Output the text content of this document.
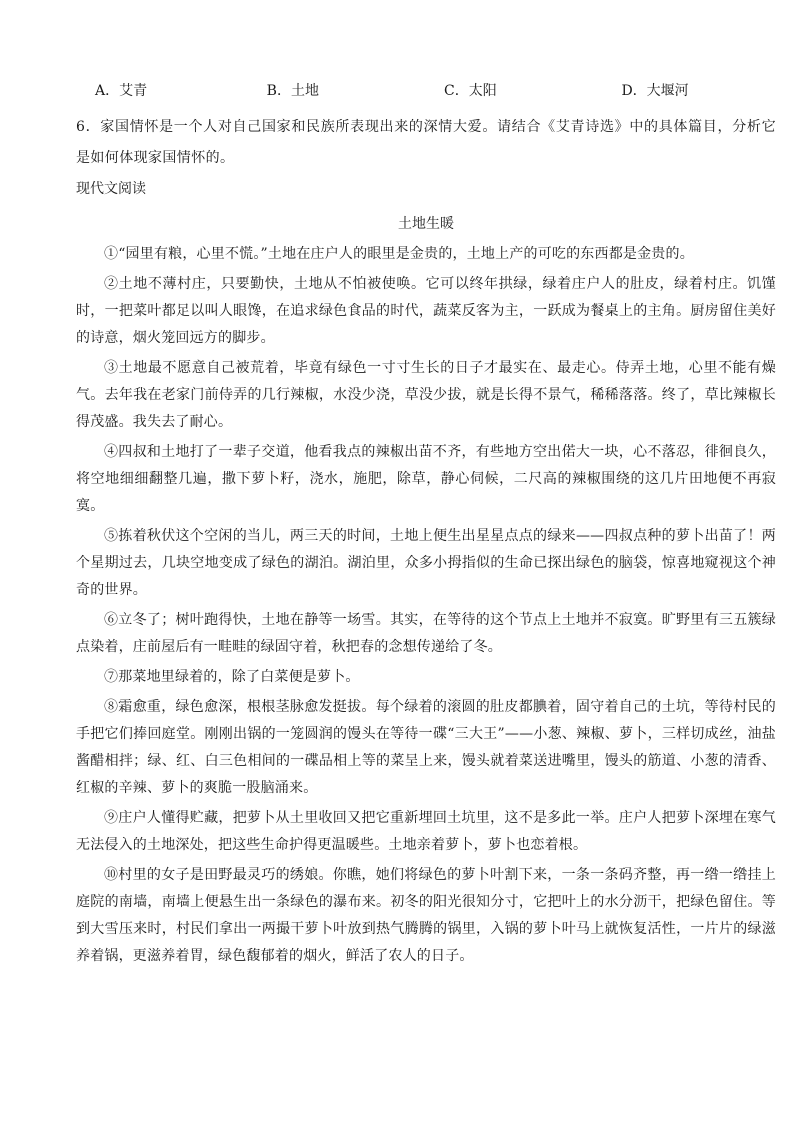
A．艾青	B．土地	C．太阳	D．大堰河
6．家国情怀是一个人对自己国家和民族所表现出来的深情大爱。请结合《艾青诗选》中的具体篇目，分析它是如何体现家国情怀的。
现代文阅读
土地生暖

①“园里有粮，心里不慌。”土地在庄户人的眼里是金贵的，土地上产的可吃的东西都是金贵的。

②土地不薄村庄，只要勤快，土地从不怕被使唤。它可以终年拱绿，绿着庄户人的肚皮，绿着村庄。饥馑时，一把菜叶都足以叫人眼馋，在追求绿色食品的时代，蔬菜反客为主，一跃成为餐桌上的主角。厨房留住美好的诗意，烟火笼回远方的脚步。

③土地最不愿意自己被荒着，毕竟有绿色一寸寸生长的日子才最实在、最走心。侍弄土地，心里不能有燥气。去年我在老家门前侍弄的几行辣椒，水没少浇，草没少拔，就是长得不景气，稀稀落落。终了，草比辣椒长得茂盛。我失去了耐心。

④四叔和土地打了一辈子交道，他看我点的辣椒出苗不齐，有些地方空出偌大一块，心不落忍，徘徊良久，将空地细细翻整几遍，撒下萝卜籽，浇水，施肥，除草，静心伺候，二尺高的辣椒围绕的这几片田地便不再寂寞。

⑤拣着秋伏这个空闲的当儿，两三天的时间，土地上便生出星星点点的绿来——四叔点种的萝卜出苗了！两个星期过去，几块空地变成了绿色的湖泊。湖泊里，众多小拇指似的生命已探出绿色的脑袋，惊喜地窥视这个神奇的世界。

⑥立冬了；树叶跑得快，土地在静等一场雪。其实，在等待的这个节点上土地并不寂寞。旷野里有三五簇绿点染着，庄前屋后有一畦畦的绿固守着，秋把春的念想传递给了冬。

⑦那菜地里绿着的，除了白菜便是萝卜。

⑧霜愈重，绿色愈深，根根茎脉愈发挺拔。每个绿着的滚圆的肚皮都腆着，固守着自己的土坑，等待村民的手把它们捧回庭堂。刚刚出锅的一笼圆润的馒头在等待一碟“三大王”——小葱、辣椒、萝卜，三样切成丝，油盐酱醋相拌；绿、红、白三色相间的一碟品相上等的菜呈上来，馒头就着菜送进嘴里，馒头的筋道、小葱的清香、红椒的辛辣、萝卜的爽脆一股脑涌来。

⑨庄户人懂得贮藏，把萝卜从土里收回又把它重新埋回土坑里，这不是多此一举。庄户人把萝卜深埋在寒气无法侵入的土地深处，把这些生命护得更温暖些。土地亲着萝卜，萝卜也恋着根。

⑩村里的女子是田野最灵巧的绣娘。你瞧，她们将绿色的萝卜叶割下来，一条一条码齐整，再一绺一绺挂上庭院的南墙，南墙上便悬生出一条绿色的瀑布来。初冬的阳光很知分寸，它把叶上的水分沥干，把绿色留住。等到大雪压来时，村民们拿出一两撮干萝卜叶放到热气腾腾的锅里，入锅的萝卜叶马上就恢复活性，一片片的绿滋养着锅，更滋养着胃，绿色馥郁着的烟火，鲜活了农人的日子。
